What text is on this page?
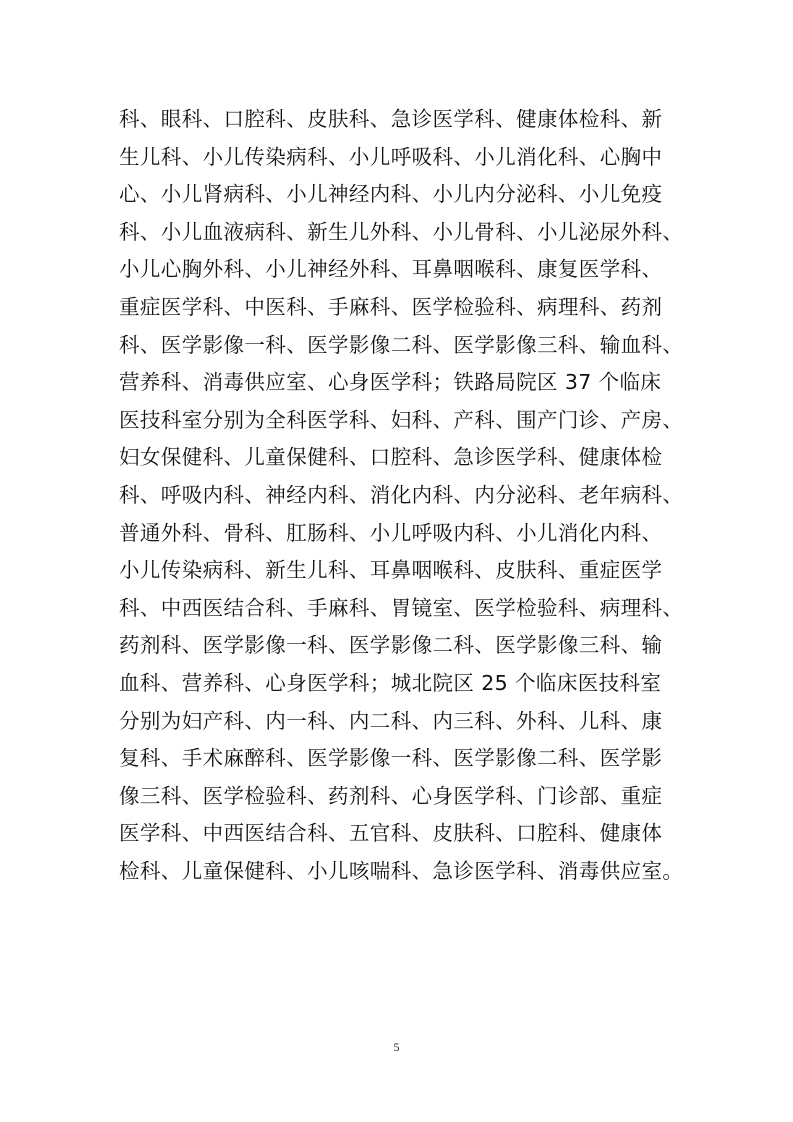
科、眼科、口腔科、皮肤科、急诊医学科、健康体检科、新
生儿科、小儿传染病科、小儿呼吸科、小儿消化科、心胸中
心、小儿肾病科、小儿神经内科、小儿内分泌科、小儿免疫
科、小儿血液病科、新生儿外科、小儿骨科、小儿泌尿外科、
小儿心胸外科、小儿神经外科、耳鼻咽喉科、康复医学科、
重症医学科、中医科、手麻科、医学检验科、病理科、药剂
科、医学影像一科、医学影像二科、医学影像三科、输血科、
营养科、消毒供应室、心身医学科；铁路局院区 37 个临床
医技科室分别为全科医学科、妇科、产科、围产门诊、产房、
妇女保健科、儿童保健科、口腔科、急诊医学科、健康体检
科、呼吸内科、神经内科、消化内科、内分泌科、老年病科、
普通外科、骨科、肛肠科、小儿呼吸内科、小儿消化内科、
小儿传染病科、新生儿科、耳鼻咽喉科、皮肤科、重症医学
科、中西医结合科、手麻科、胃镜室、医学检验科、病理科、
药剂科、医学影像一科、医学影像二科、医学影像三科、输
血科、营养科、心身医学科；城北院区 25 个临床医技科室
分别为妇产科、内一科、内二科、内三科、外科、儿科、康
复科、手术麻醉科、医学影像一科、医学影像二科、医学影
像三科、医学检验科、药剂科、心身医学科、门诊部、重症
医学科、中西医结合科、五官科、皮肤科、口腔科、健康体
检科、儿童保健科、小儿咳喘科、急诊医学科、消毒供应室。
5
